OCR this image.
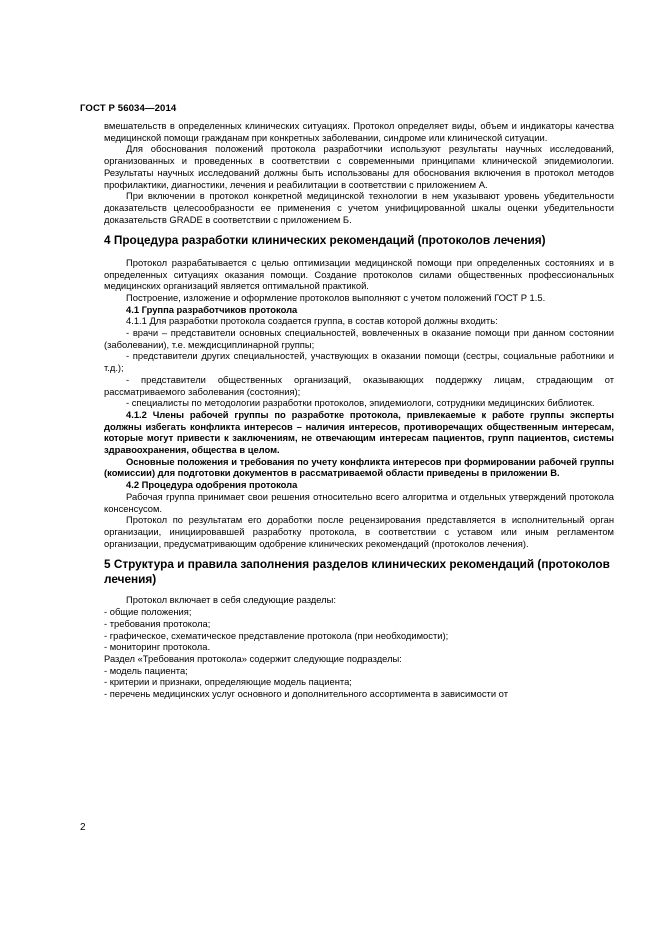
ГОСТ Р 56034—2014

вмешательств в определенных клинических ситуациях. Протокол определяет виды, объем и индикаторы качества медицинской помощи гражданам при конкретных заболевании, синдроме или клинической ситуации.

Для обоснования положений протокола разработчики используют результаты научных исследований, организованных и проведенных в соответствии с современными принципами клинической эпидемиологии. Результаты научных исследований должны быть использованы для обоснования включения в протокол методов профилактики, диагностики, лечения и реабилитации в соответствии с приложением А.

При включении в протокол конкретной медицинской технологии в нем указывают уровень убедительности доказательств целесообразности ее применения с учетом унифицированной шкалы оценки убедительности доказательств GRADE в соответствии с приложением Б.

4 Процедура разработки клинических рекомендаций (протоколов лечения)

Протокол разрабатывается с целью оптимизации медицинской помощи при определенных состояниях и в определенных ситуациях оказания помощи. Создание протоколов силами общественных профессиональных медицинских организаций является оптимальной практикой.

Построение, изложение и оформление протоколов выполняют с учетом положений ГОСТ Р 1.5.

4.1 Группа разработчиков протокола

4.1.1 Для разработки протокола создается группа, в состав которой должны входить:

- врачи – представители основных специальностей, вовлеченных в оказание помощи при данном состоянии (заболевании), т.е. междисциплинарной группы;

- представители других специальностей, участвующих в оказании помощи (сестры, социальные работники и т.д.);

- представители общественных организаций, оказывающих поддержку лицам, страдающим от рассматриваемого заболевания (состояния);

- специалисты по методологии разработки протоколов, эпидемиологи, сотрудники медицинских библиотек.

4.1.2 Члены рабочей группы по разработке протокола, привлекаемые к работе группы эксперты должны избегать конфликта интересов – наличия интересов, противоречащих общественным интересам, которые могут привести к заключениям, не отвечающим интересам пациентов, групп пациентов, системы здравоохранения, общества в целом.

Основные положения и требования по учету конфликта интересов при формировании рабочей группы (комиссии) для подготовки документов в рассматриваемой области приведены в приложении В.

4.2 Процедура одобрения протокола

Рабочая группа принимает свои решения относительно всего алгоритма и отдельных утверждений протокола консенсусом.

Протокол по результатам его доработки после рецензирования представляется в исполнительный орган организации, инициировавшей разработку протокола, в соответствии с уставом или иным регламентом организации, предусматривающим одобрение клинических рекомендаций (протоколов лечения).

5 Структура и правила заполнения разделов клинических рекомендаций (протоколов лечения)

Протокол включает в себя следующие разделы:

- общие положения;

- требования протокола;

- графическое, схематическое представление протокола (при необходимости);

- мониторинг протокола.

Раздел «Требования протокола» содержит следующие подразделы:

- модель пациента;

- критерии и признаки, определяющие модель пациента;

- перечень медицинских услуг основного и дополнительного ассортимента в зависимости от

2
